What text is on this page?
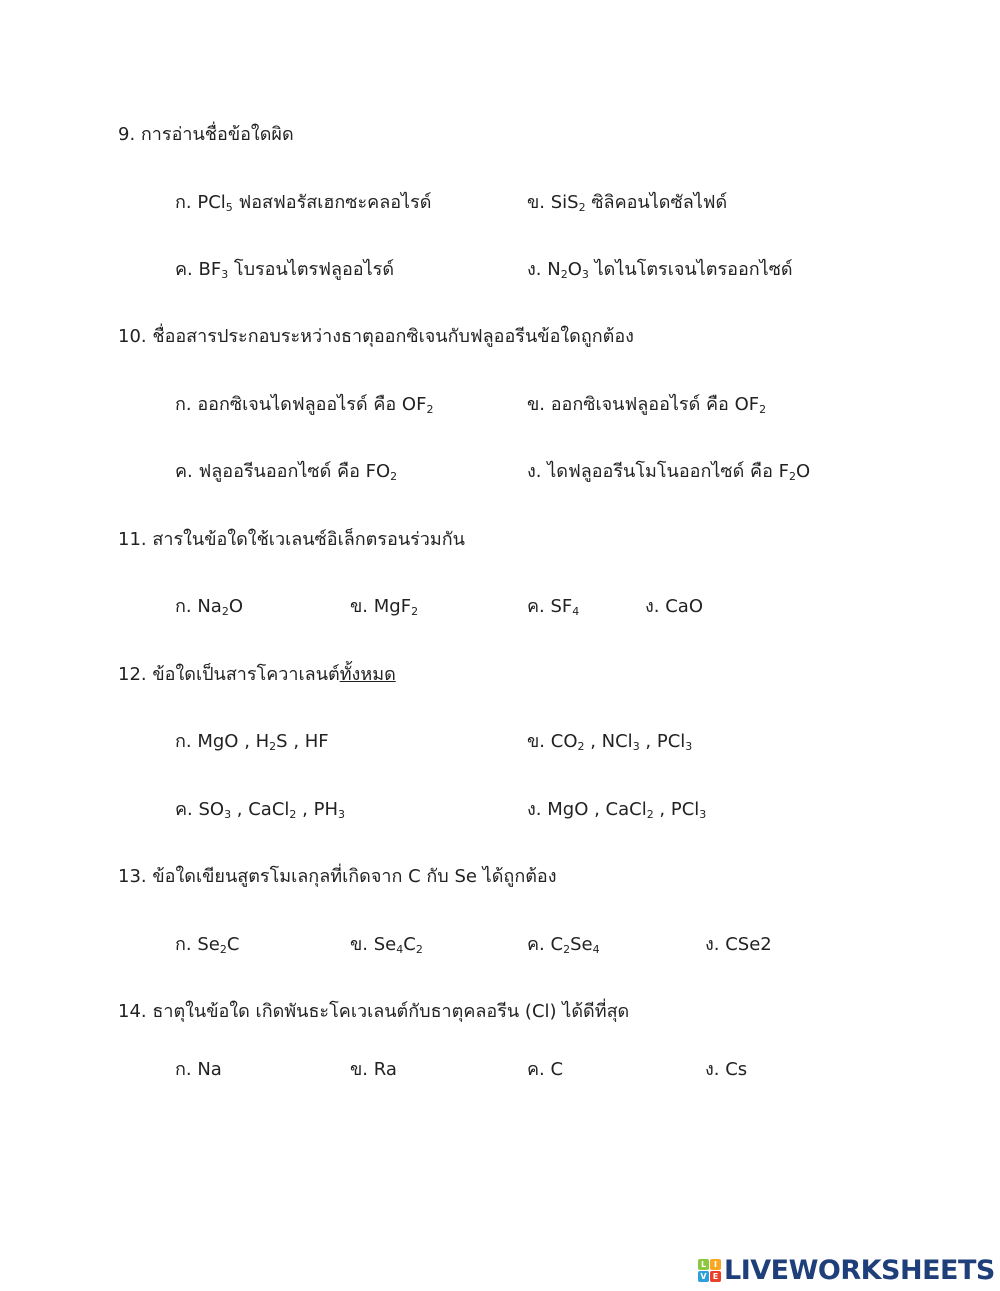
9. การอ่านชื่อข้อใดผิด
ก. PCl$_5$ ฟอสฟอรัสเฮกซะคลอไรด์	ข. SiS$_2$ ซิลิคอนไดซัลไฟด์
ค. $BF_3$ โบรอนไตรฟลูออไรด์	ง. $N_2O_3$ ไดไนโตรเจนไตรออกไซด์
10. ชื่ออสารประกอบระหว่างธาตุออกซิเจนกับฟลูออรีนข้อใดถูกต้อง
ก. ออกซิเจนไดฟลูออไรด์ คือ $OF_2$	ข. ออกซิเจนฟลูออไรด์ คือ $OF_2$
ค. ฟลูออรีนออกไซด์ คือ $FO_2$	ง. ไดฟลูออรีนโมโนออกไซด์ คือ $F_2O$
11. สารในข้อใดใช้เวเลนซ์อิเล็กตรอนร่วมกัน
ก. $Na_2O$	ข. MgF$_2$	ค. $SF_4$	ง. CaO
12. ข้อใดเป็นสารโควาเลนต์ทั้งหมด
ก. MgO , $H_2S$ , HF	ข. $CO_2$ , NCl$_3$ , PCl$_3$
ค. $SO_3$ , CaCl$_2$ , $PH_3$	ง. MgO , CaCl$_2$ , PCl$_3$
13. ข้อใดเขียนสูตรโมเลกุลที่เกิดจาก C กับ Se ได้ถูกต้อง
ก. $Se_2C$	ข. $Se_4C_2$	ค. $C_2Se_4$	ง. CSe2
14. ธาตุในข้อใด เกิดพันธะโคเวเลนต์กับธาตุคลอรีน (Cl) ได้ดีที่สุด
ก. Na	ข. Ra	ค. C	ง. Cs
L I
V E LIVEWORKSHEETS
